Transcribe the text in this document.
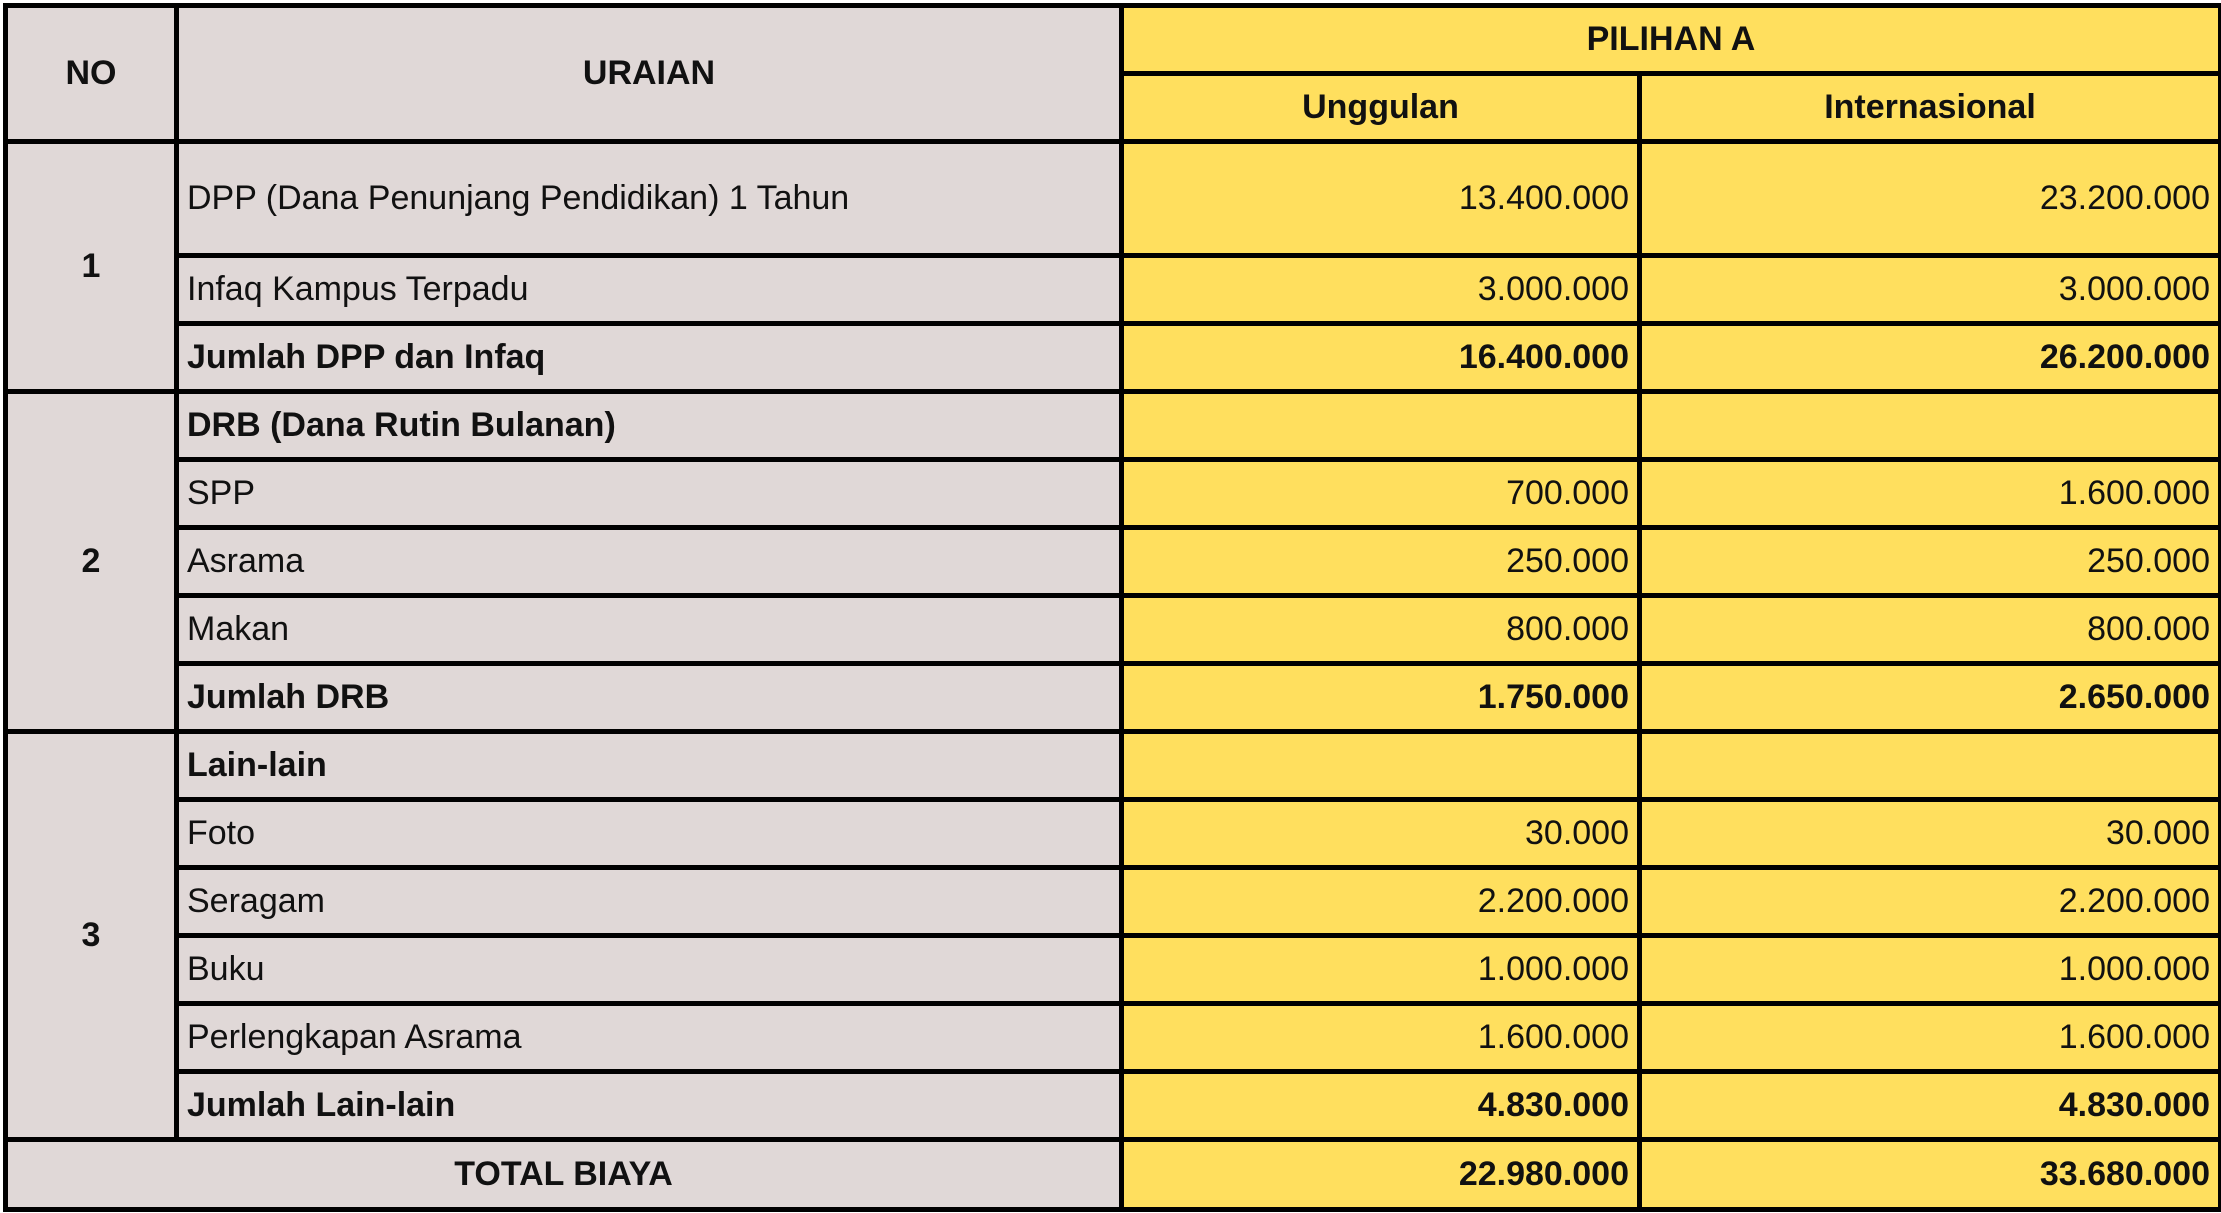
NO	URAIAN	PILIHAN A	
		Unggulan	Internasional
1	DPP (Dana Penunjang Pendidikan) 1 Tahun	13.400.000	23.200.000
	Infaq Kampus Terpadu	3.000.000	3.000.000
	Jumlah DPP dan Infaq	16.400.000	26.200.000
2	DRB (Dana Rutin Bulanan)		
	SPP	700.000	1.600.000
	Asrama	250.000	250.000
	Makan	800.000	800.000
	Jumlah DRB	1.750.000	2.650.000
3	Lain-lain		
	Foto	30.000	30.000
	Seragam	2.200.000	2.200.000
	Buku	1.000.000	1.000.000
	Perlengkapan Asrama	1.600.000	1.600.000
	Jumlah Lain-lain	4.830.000	4.830.000
TOTAL BIAYA		22.980.000	33.680.000
